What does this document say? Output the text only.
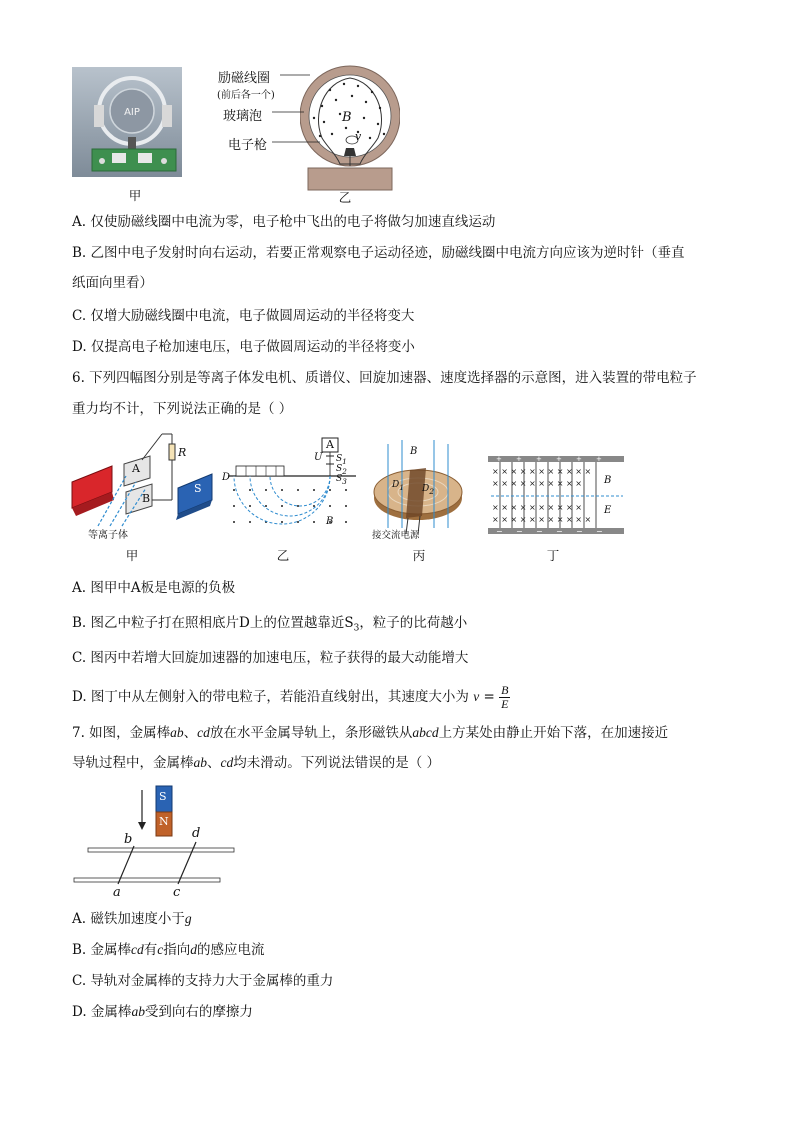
AIP
甲
B
v
乙
励磁线圈
(前后各一个)
玻璃泡
电子枪
A. 仅使励磁线圈中电流为零，电子枪中飞出的电子将做匀加速直线运动
B. 乙图中电子发射时向右运动，若要正常观察电子运动径迹，励磁线圈中电流方向应该为逆时针（垂直
纸面向里看）
C. 仅增大励磁线圈中电流，电子做圆周运动的半径将变大
D. 仅提高电子枪加速电压，电子做圆周运动的半径将变小
6. 下列四幅图分别是等离子体发电机、质谱仪、回旋加速器、速度选择器的示意图，进入装置的带电粒子
重力均不计，下列说法正确的是（ ）
A
B
R
S
等离子体
甲
A
U $S_1$
$S_2$
$S_3$
D
B
乙
B
$D_1$ $D_2$
接交流电源
丙
+ + + + + +
− − − − − −
× × × × × × × × × × ×
× × × × × × × × × ×
× × × × × × × × × ×
× × × × × × × × × × ×
B
E
丁
A. 图甲中A板是电源的负极
B. 图乙中粒子打在照相底片D上的位置越靠近$S_3$，粒子的比荷越小
C. 图丙中若增大回旋加速器的加速电压，粒子获得的最大动能增大
D. 图丁中从左侧射入的带电粒子，若能沿直线射出，其速度大小为 $v = \frac{B}{E}$
7. 如图，金属棒ab、cd放在水平金属导轨上，条形磁铁从abcd上方某处由静止开始下落，在加速接近
导轨过程中，金属棒ab、cd均未滑动。下列说法错误的是（ ）
S
N
b	d
a	c
A. 磁铁加速度小于g
B. 金属棒cd有c指向d的感应电流
C. 导轨对金属棒的支持力大于金属棒的重力
D. 金属棒ab受到向右的摩擦力
